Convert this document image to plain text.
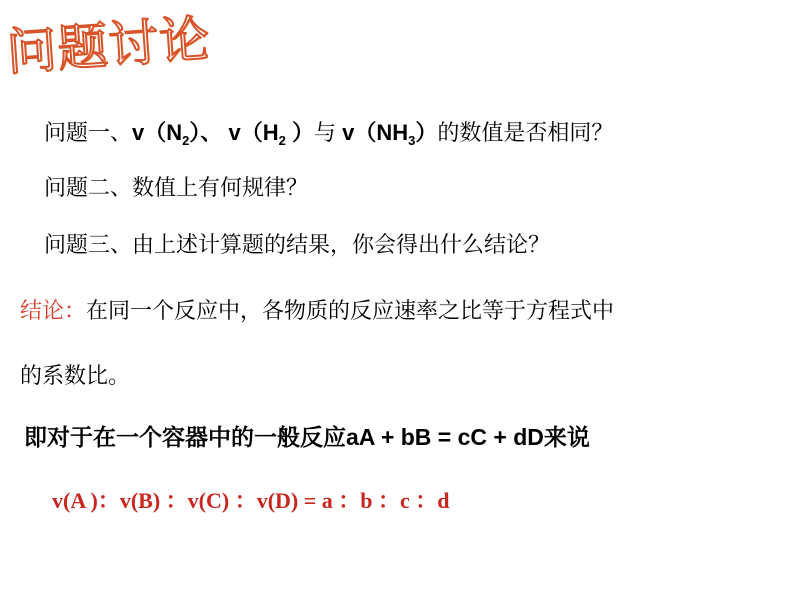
问题讨论
问题一、$v(N_2)$、 $v(H_2$ ）与 $v(NH_3)$的数值是否相同？
问题二、数值上有何规律？
问题三、由上述计算题的结果，你会得出什么结论？
结论：在同一个反应中，各物质的反应速率之比等于方程式中
的系数比。
即对于在一个容器中的一般反应aA + bB = cC + dD来说
v(A )：v(B) ：v(C) ：v(D) = a ：b ：c ：d
